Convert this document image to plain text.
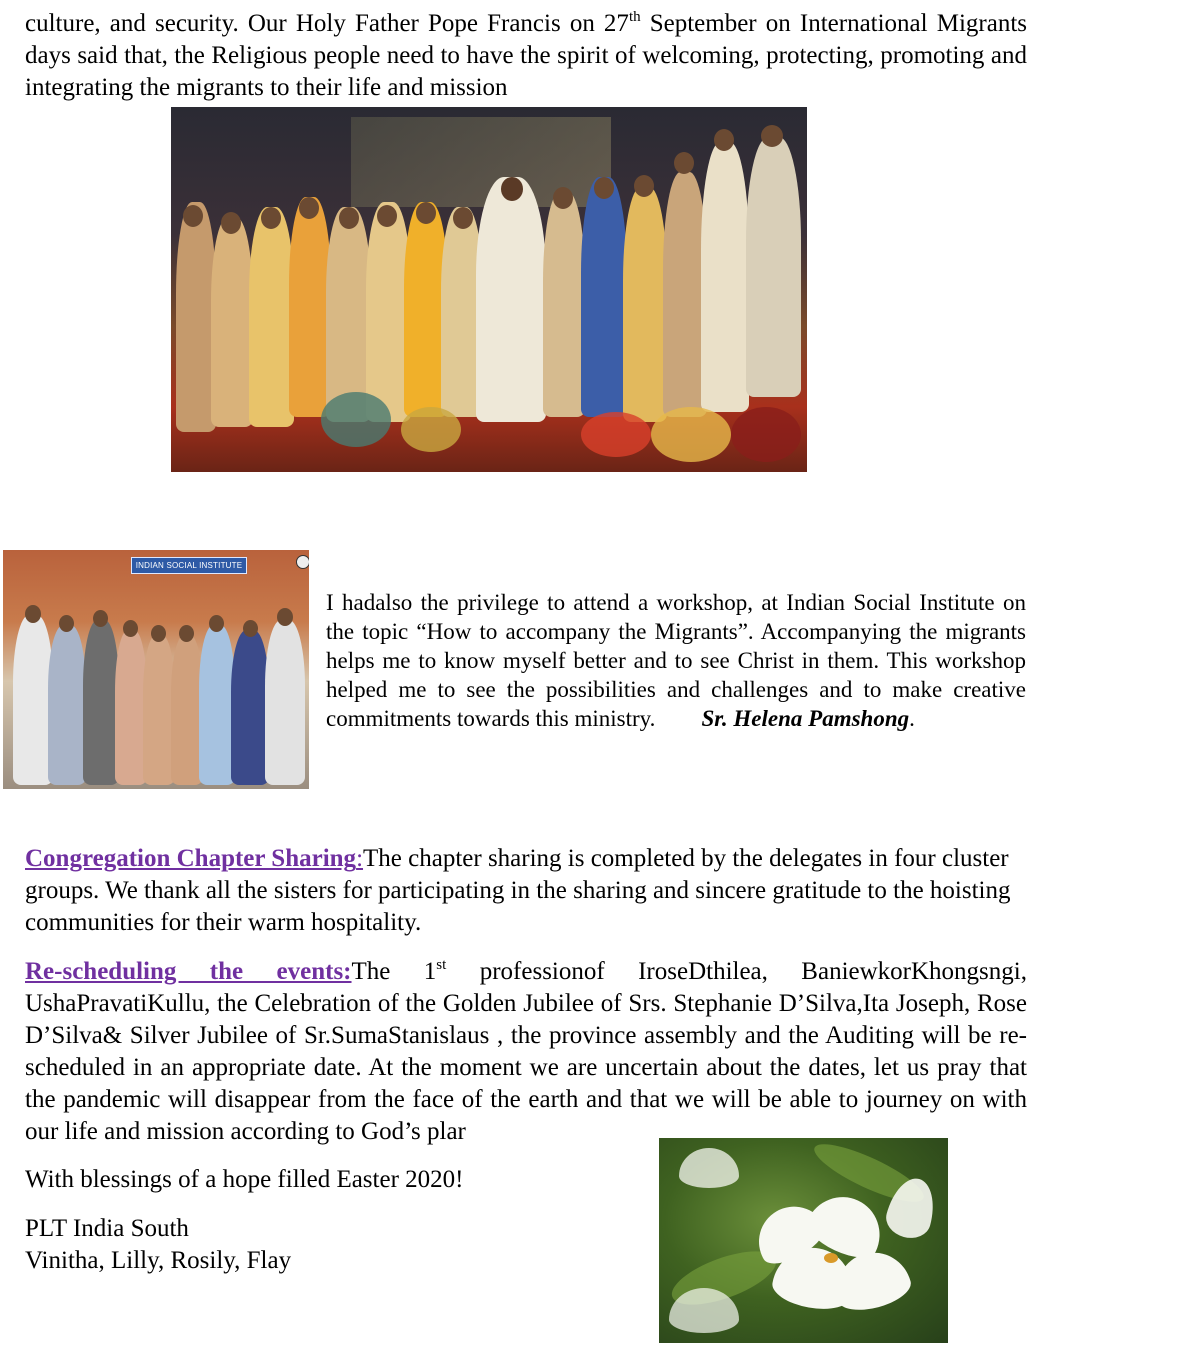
culture, and security. Our Holy Father Pope Francis on 27th September on International Migrants
days said that, the Religious people need to have the spirit of welcoming, protecting, promoting and integrating the migrants to their life and mission
INDIAN SOCIAL INSTITUTE
I hadalso the privilege to attend a workshop, at Indian Social Institute on the topic “How to accompany the Migrants”. Accompanying the migrants helps me to know myself better and to see Christ in them. This workshop helped me to see the possibilities and challenges and to make creative commitments towards this ministry. Sr. Helena Pamshong.
Congregation Chapter Sharing:The chapter sharing is completed by the delegates in four cluster groups. We thank all the sisters for participating in the sharing and sincere gratitude to the hoisting communities for their warm hospitality.
Re-scheduling the events:The 1st professionof IroseDthilea, BaniewkorKhongsngi, UshaPravatiKullu, the Celebration of the Golden Jubilee of Srs. Stephanie D’Silva,Ita Joseph, Rose D’Silva& Silver Jubilee of Sr.SumaStanislaus , the province assembly and the Auditing will be re-scheduled in an appropriate date. At the moment we are uncertain about the dates, let us pray that the pandemic will disappear from the face of the earth and that we will be able to journey on with our life and mission according to God’s plar
With blessings of a hope filled Easter 2020!
PLT India South
Vinitha, Lilly, Rosily, Flay
